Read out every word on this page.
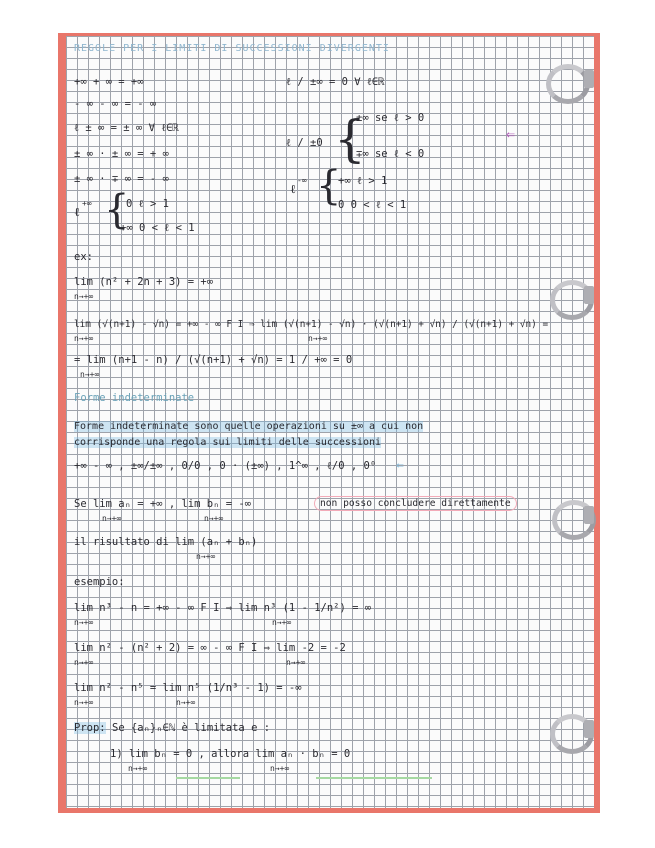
REGOLE PER I LIMITI DI SUCCESSIONI DIVERGENTI
+∞ + ∞ = +∞
- ∞ - ∞ = - ∞
ℓ ± ∞ = ± ∞ ∀ ℓ∈ℝ
± ∞ · ± ∞ = + ∞
± ∞ · ∓ ∞ = - ∞
ℓ
+∞ {
0 ℓ > 1
+∞ 0 < ℓ < 1
ℓ / ±∞ = 0 ∀ ℓ∈ℝ
ℓ / ±0 {
±∞ se ℓ > 0
∓∞ se ℓ < 0
ℓ
-∞ {
+∞ ℓ > 1
0 0 < ℓ < 1
⇐
ex:
lim (n² + 2n + 3) = +∞
n→+∞
lim (√(n+1) - √n) = +∞ - ∞ F I ⇒ lim (√(n+1) - √n) · (√(n+1) + √n) / (√(n+1) + √n) =
n→+∞	n→+∞
= lim (n+1 - n) / (√(n+1) + √n) = 1 / +∞ = 0
n→+∞
Forme indeterminate
Forme indeterminate sono quelle operazioni su ±∞ a cui non
corrisponde una regola sui limiti delle successioni
+∞ - ∞ , ±∞/±∞ , 0/0 , 0 · (±∞) , 1^∞ , ℓ/0 , 0⁰ ⇐
Se lim aₙ = +∞ , lim bₙ = -∞
n→+∞	n→+∞
non posso concludere direttamente
il risultato di lim (aₙ + bₙ)
n→+∞
esempio:
lim n³ - n = +∞ - ∞ F I ⇒ lim n³ (1 - 1/n²) = ∞
n→+∞	n→+∞
lim n² - (n² + 2) = ∞ - ∞ F I ⇒ lim -2 = -2
n→+∞	n→+∞
lim n² - n⁵ = lim n⁵ (1/n³ - 1) = -∞
n→+∞	n→+∞
Prop: Se {aₙ}ₙ∈ℕ è limitata e :
1) lim bₙ = 0 , allora lim aₙ · bₙ = 0
n→+∞	n→+∞
